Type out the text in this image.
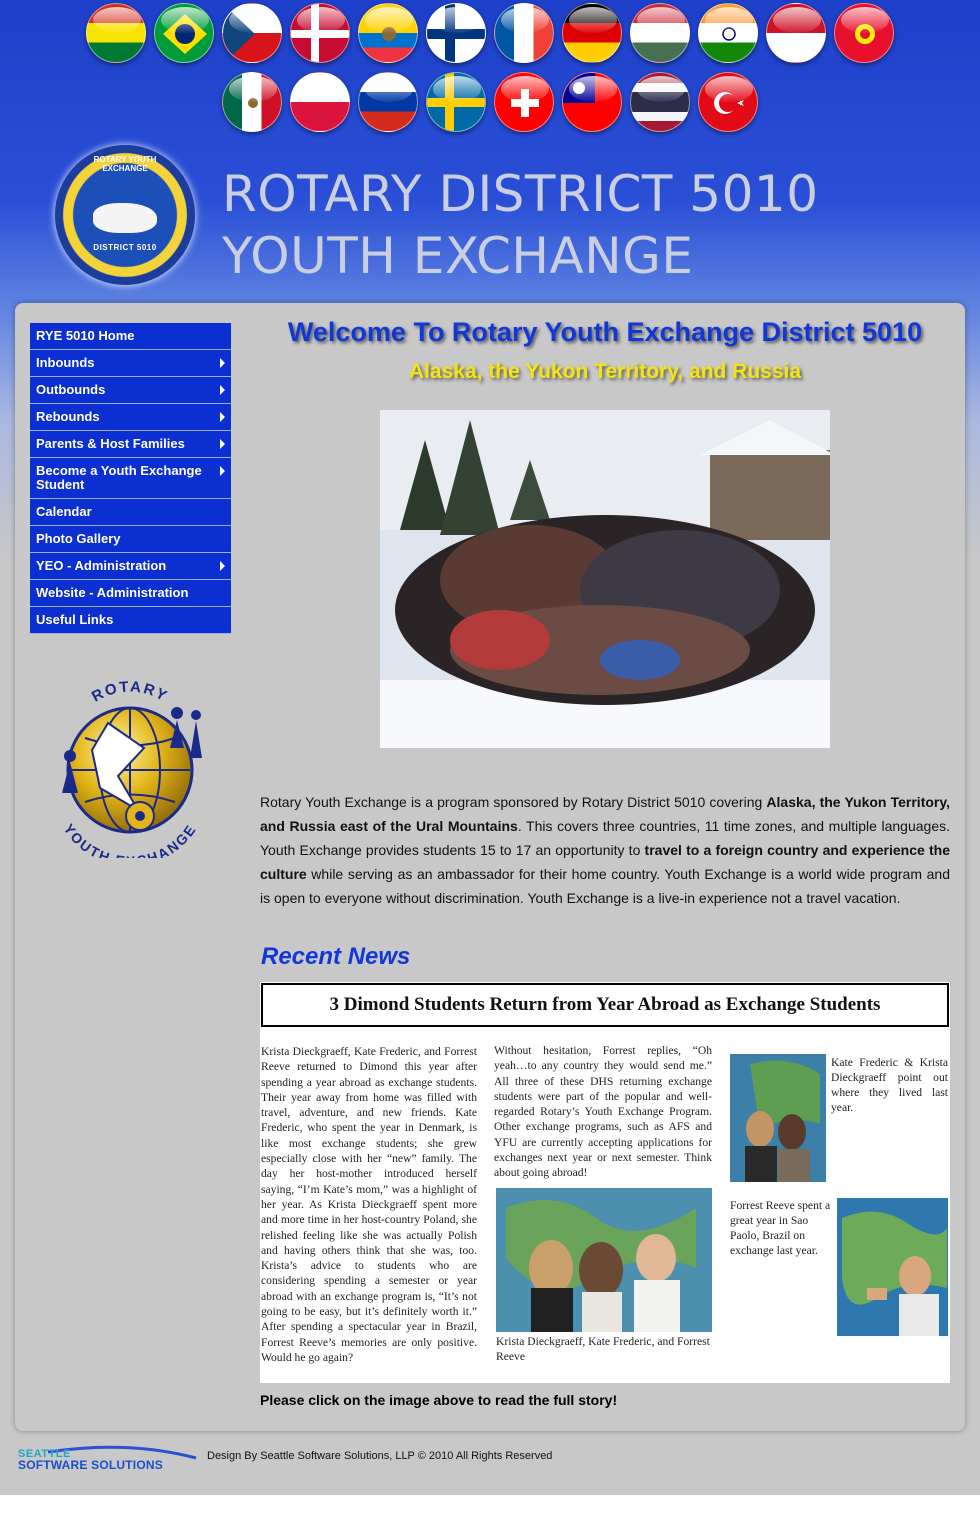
ROTARY YOUTH EXCHANGE
DISTRICT 5010
ROTARY DISTRICT 5010
YOUTH EXCHANGE
RYE 5010 Home
Inbounds
Outbounds
Rebounds
Parents & Host Families
Become a Youth Exchange Student
Calendar
Photo Gallery
YEO - Administration
Website - Administration
Useful Links
ROTARY
YOUTH HANGE
Welcome To Rotary Youth Exchange District 5010
Alaska, the Yukon Territory, and Russia
Rotary Youth Exchange is a program sponsored by Rotary District 5010 covering Alaska, the Yukon Territory, and Russia east of the Ural Mountains. This covers three countries, 11 time zones, and multiple languages. Youth Exchange provides students 15 to 17 an opportunity to travel to a foreign country and experience the culture while serving as an ambassador for their home country. Youth Exchange is a world wide program and is open to everyone without discrimination. Youth Exchange is a live-in experience not a travel vacation.
Recent News
3 Dimond Students Return from Year Abroad as Exchange Students
Krista Dieckgraeff, Kate Frederic, and Forrest Reeve returned to Dimond this year after spending a year abroad as exchange students. Their year away from home was filled with travel, adventure, and new friends. Kate Frederic, who spent the year in Denmark, is like most exchange students; she grew especially close with her “new” family. The day her host-mother introduced herself saying, “I’m Kate’s mom,” was a highlight of her year. As Krista Dieckgraeff spent more and more time in her host-country Poland, she relished feeling like she was actually Polish and having others think that she was, too. Krista’s advice to students who are considering spending a semester or year abroad with an exchange program is, “It’s not going to be easy, but it’s definitely worth it.” After spending a spectacular year in Brazil, Forrest Reeve’s memories are only positive. Would he go again?
Without hesitation, Forrest replies, “Oh yeah…to any country they would send me.” All three of these DHS returning exchange students were part of the popular and well-regarded Rotary’s Youth Exchange Program. Other exchange programs, such as AFS and YFU are currently accepting applications for exchanges next year or next semester. Think about going abroad!
Krista Dieckgraeff, Kate Frederic, and Forrest Reeve
Kate Frederic & Krista Dieckgraeff point out where they lived last year.
Forrest Reeve spent a great year in Sao Paolo, Brazil on exchange last year.
Please click on the image above to read the full story!
SEATTLE
SOFTWARE SOLUTIONS
Design By Seattle Software Solutions, LLP © 2010 All Rights Reserved
